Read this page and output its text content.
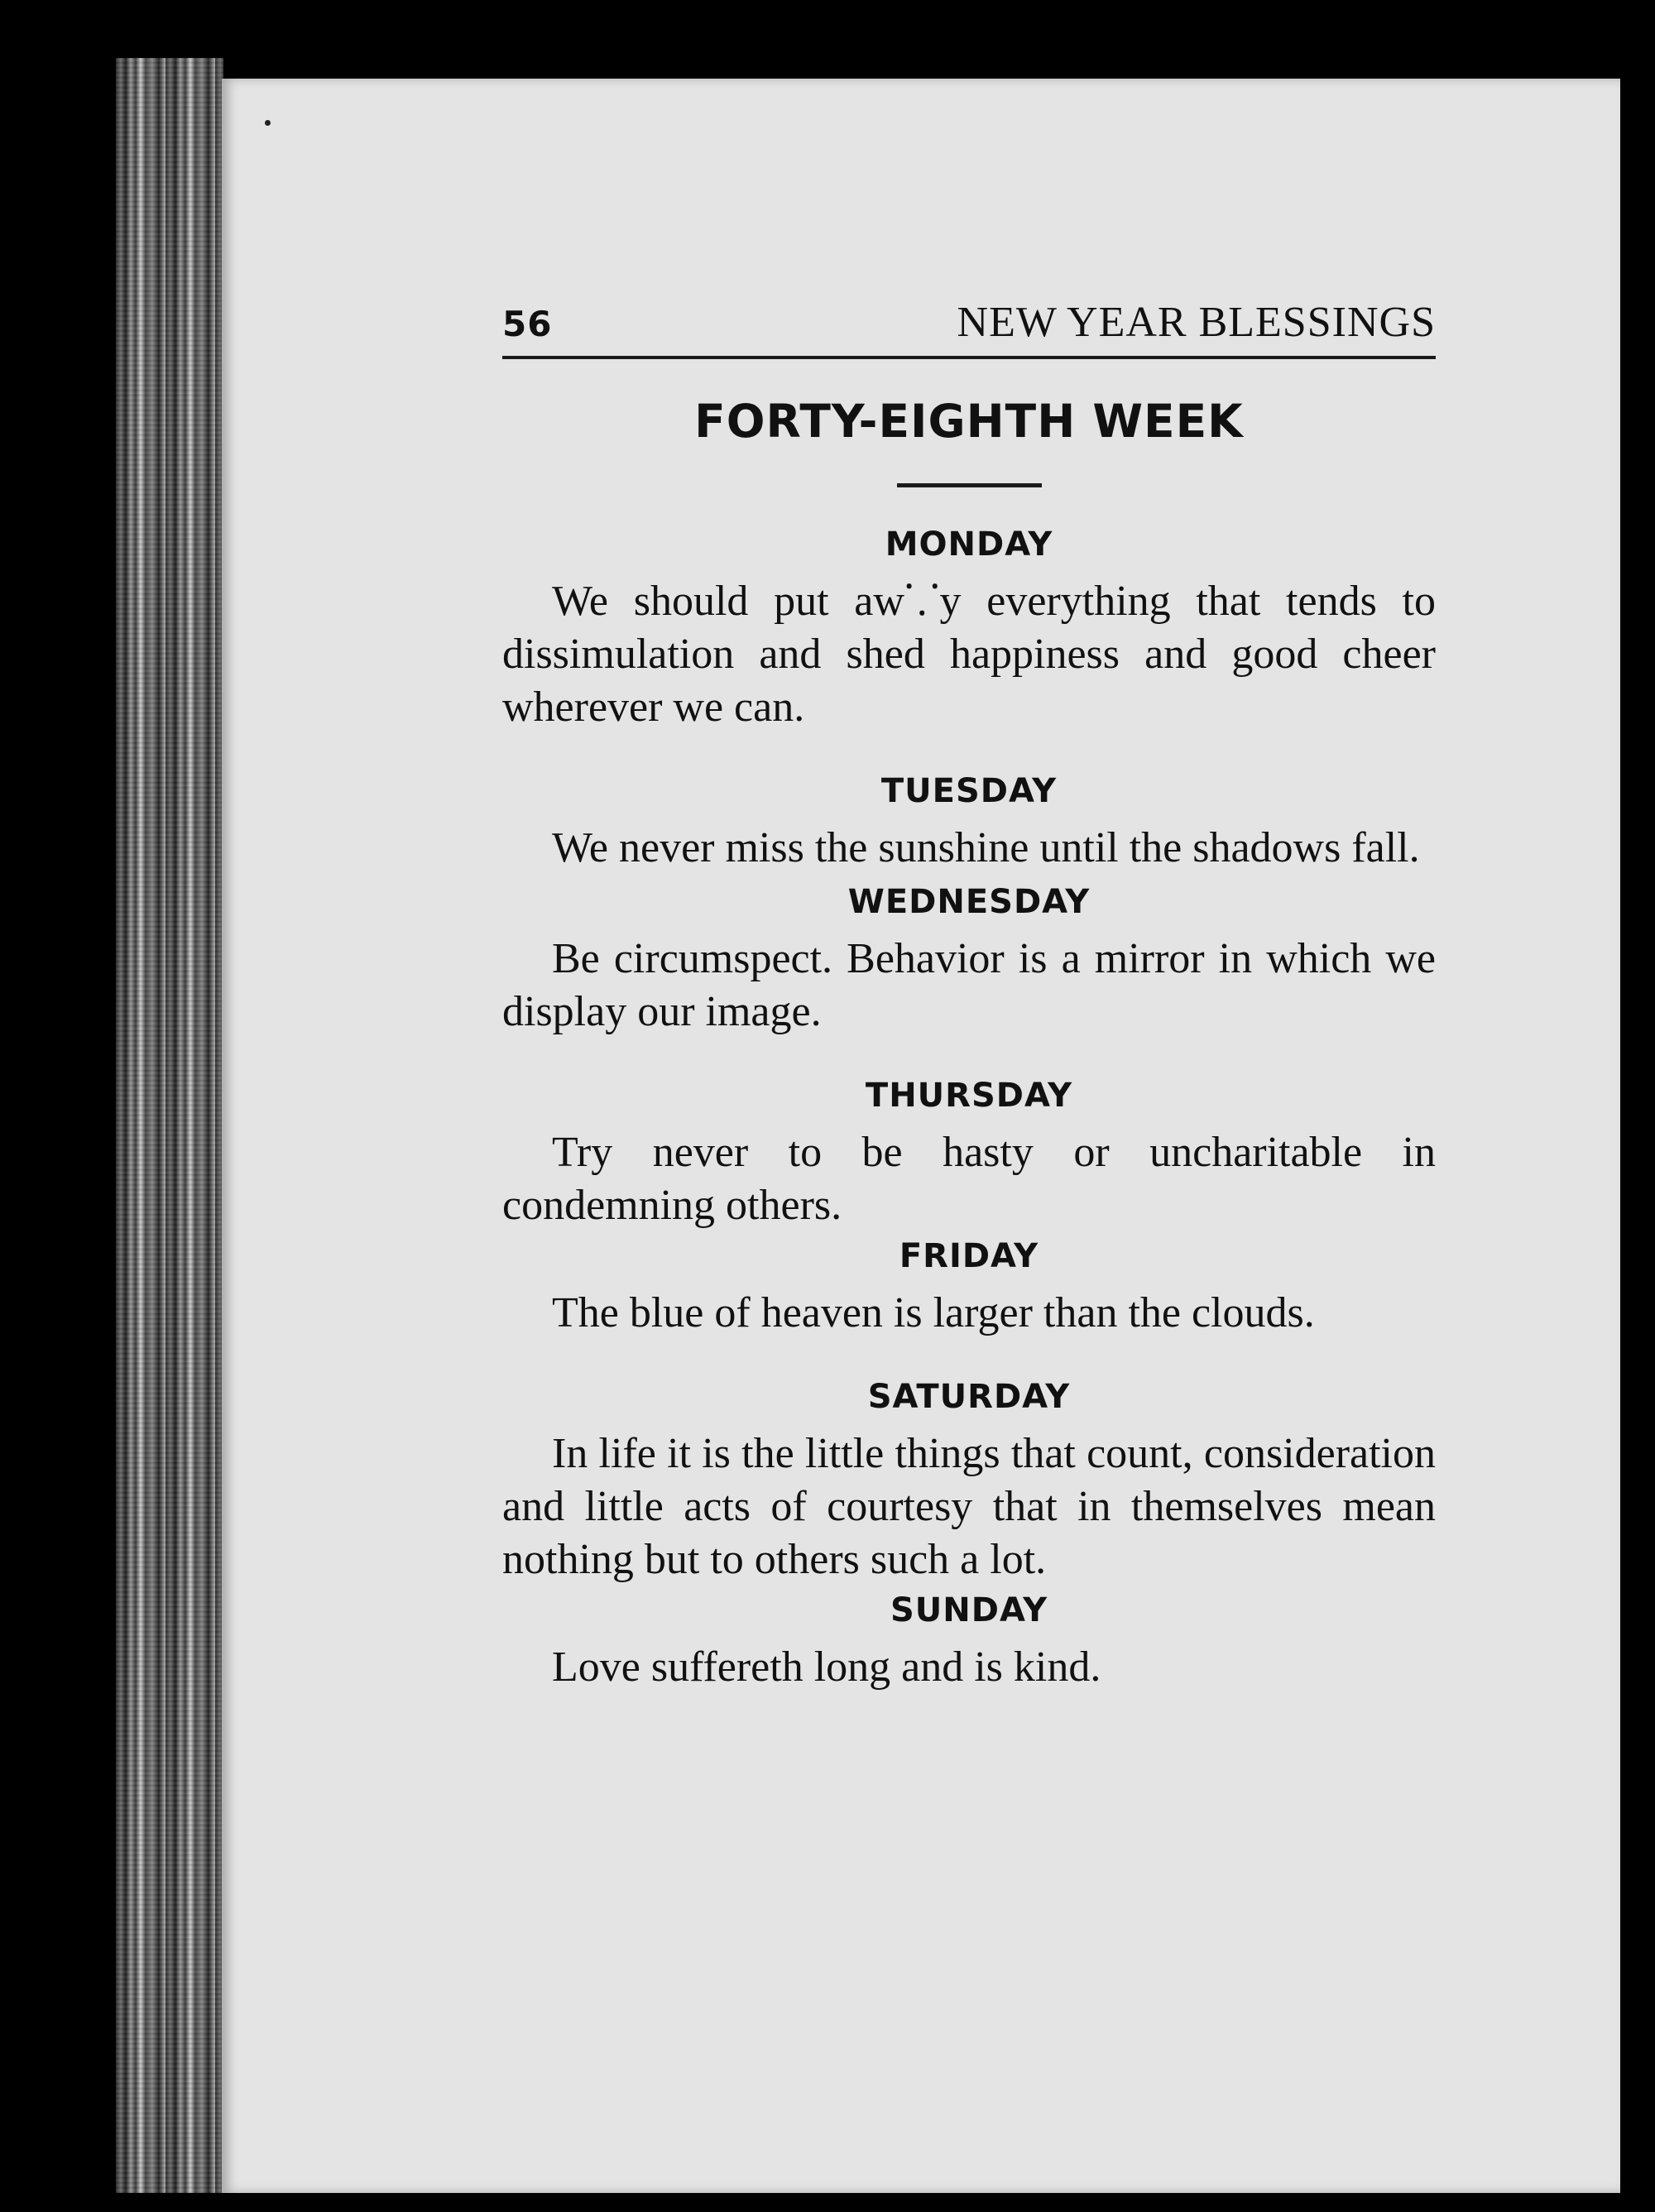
56	NEW YEAR BLESSINGS
FORTY-EIGHTH WEEK
MONDAY

We should put aw⸪y everything that tends to dissimulation and shed happiness and good cheer wherever we can.

TUESDAY

We never miss the sunshine until the shadows fall.

WEDNESDAY

Be circumspect. Behavior is a mirror in which we display our image.

THURSDAY

Try never to be hasty or uncharitable in condemning others.

FRIDAY

The blue of heaven is larger than the clouds.

SATURDAY

In life it is the little things that count, consideration and little acts of courtesy that in themselves mean nothing but to others such a lot.

SUNDAY

Love suffereth long and is kind.
